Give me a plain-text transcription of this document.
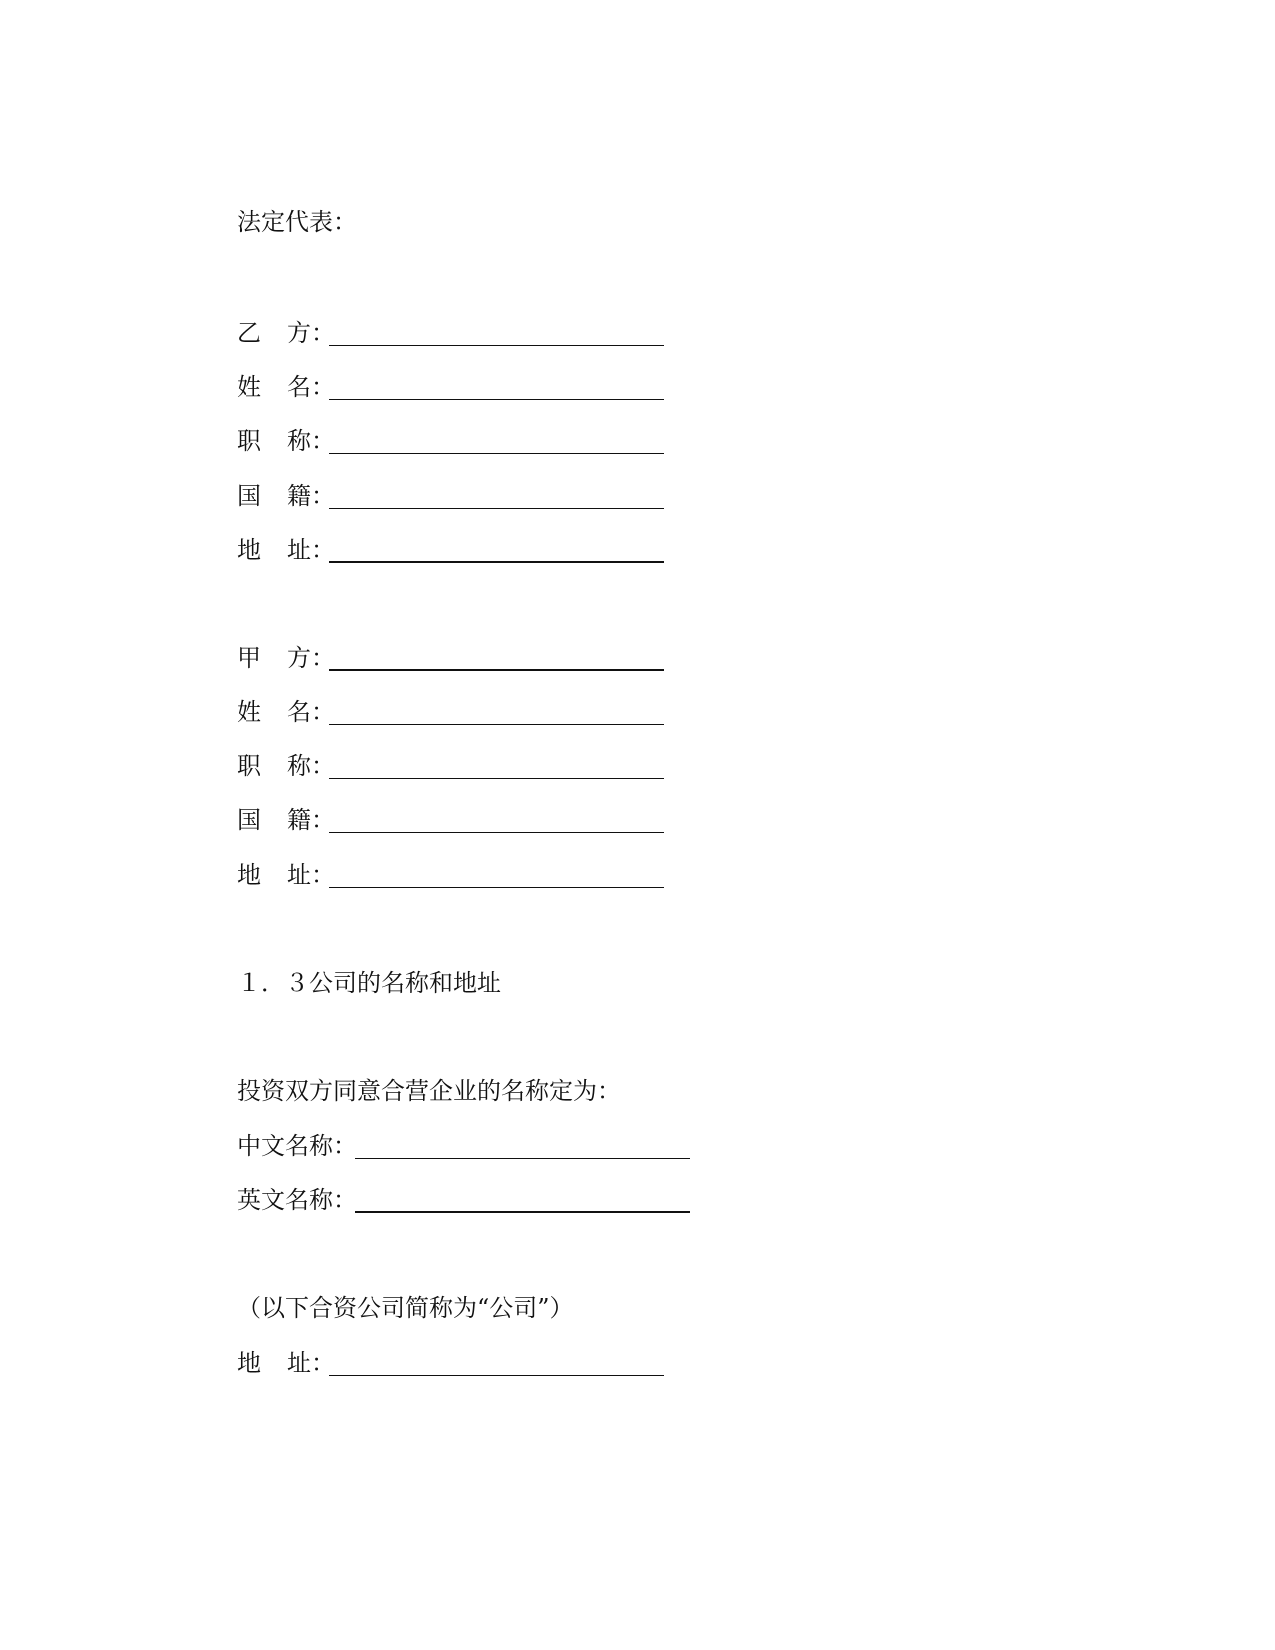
法定代表：
乙 方：
姓 名：
职 称：
国 籍：
地 址：
甲 方：
姓 名：
职 称：
国 籍：
地 址：
１．３公司的名称和地址
投资双方同意合营企业的名称定为：
中文名称：
英文名称：
（以下合资公司简称为“公司”）
地 址：
